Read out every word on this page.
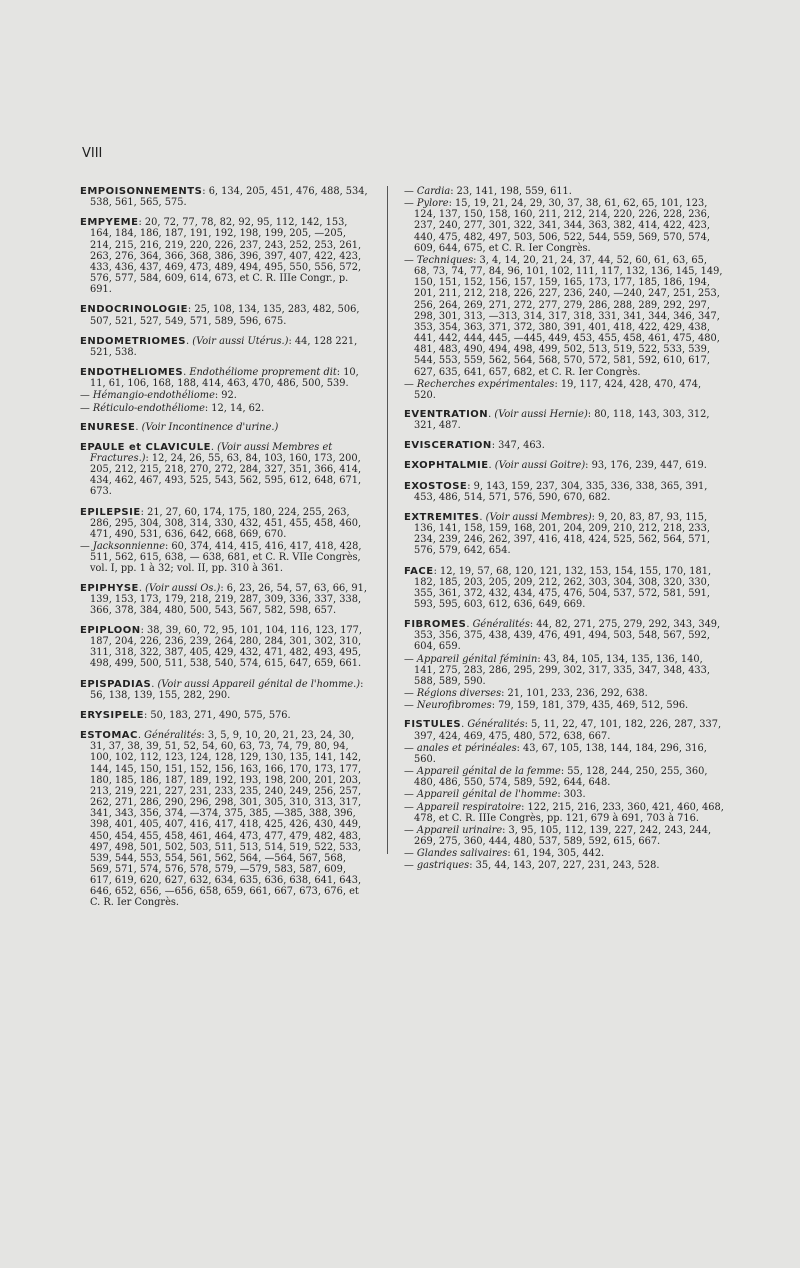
VIII

EMPOISONNEMENTS: 6, 134, 205, 451, 476, 488, 534, 538, 561, 565, 575.

EMPYEME: 20, 72, 77, 78, 82, 92, 95, 112, 142, 153, 164, 184, 186, 187, 191, 192, 198, 199, 205, —205, 214, 215, 216, 219, 220, 226, 237, 243, 252, 253, 261, 263, 276, 364, 366, 368, 386, 396, 397, 407, 422, 423, 433, 436, 437, 469, 473, 489, 494, 495, 550, 556, 572, 576, 577, 584, 609, 614, 673, et C. R. IIIe Congr., p. 691.

ENDOCRINOLOGIE: 25, 108, 134, 135, 283, 482, 506, 507, 521, 527, 549, 571, 589, 596, 675.

ENDOMETRIOMES. (Voir aussi Utérus.): 44, 128 221, 521, 538.

ENDOTHELIOMES. Endothéliome proprement dit: 10, 11, 61, 106, 168, 188, 414, 463, 470, 486, 500, 539.

— Hémangio-endothéliome: 92.

— Réticulo-endothéliome: 12, 14, 62.

ENURESE. (Voir Incontinence d'urine.)

EPAULE et CLAVICULE. (Voir aussi Membres et Fractures.): 12, 24, 26, 55, 63, 84, 103, 160, 173, 200, 205, 212, 215, 218, 270, 272, 284, 327, 351, 366, 414, 434, 462, 467, 493, 525, 543, 562, 595, 612, 648, 671, 673.

EPILEPSIE: 21, 27, 60, 174, 175, 180, 224, 255, 263, 286, 295, 304, 308, 314, 330, 432, 451, 455, 458, 460, 471, 490, 531, 636, 642, 668, 669, 670.

— Jacksonnienne: 60, 374, 414, 415, 416, 417, 418, 428, 511, 562, 615, 638, — 638, 681, et C. R. VIIe Congrès, vol. I, pp. 1 à 32; vol. II, pp. 310 à 361.

EPIPHYSE. (Voir aussi Os.): 6, 23, 26, 54, 57, 63, 66, 91, 139, 153, 173, 179, 218, 219, 287, 309, 336, 337, 338, 366, 378, 384, 480, 500, 543, 567, 582, 598, 657.

EPIPLOON: 38, 39, 60, 72, 95, 101, 104, 116, 123, 177, 187, 204, 226, 236, 239, 264, 280, 284, 301, 302, 310, 311, 318, 322, 387, 405, 429, 432, 471, 482, 493, 495, 498, 499, 500, 511, 538, 540, 574, 615, 647, 659, 661.

EPISPADIAS. (Voir aussi Appareil génital de l'homme.): 56, 138, 139, 155, 282, 290.

ERYSIPELE: 50, 183, 271, 490, 575, 576.

ESTOMAC. Généralités: 3, 5, 9, 10, 20, 21, 23, 24, 30, 31, 37, 38, 39, 51, 52, 54, 60, 63, 73, 74, 79, 80, 94, 100, 102, 112, 123, 124, 128, 129, 130, 135, 141, 142, 144, 145, 150, 151, 152, 156, 163, 166, 170, 173, 177, 180, 185, 186, 187, 189, 192, 193, 198, 200, 201, 203, 213, 219, 221, 227, 231, 233, 235, 240, 249, 256, 257, 262, 271, 286, 290, 296, 298, 301, 305, 310, 313, 317, 341, 343, 356, 374, —374, 375, 385, —385, 388, 396, 398, 401, 405, 407, 416, 417, 418, 425, 426, 430, 449, 450, 454, 455, 458, 461, 464, 473, 477, 479, 482, 483, 497, 498, 501, 502, 503, 511, 513, 514, 519, 522, 533, 539, 544, 553, 554, 561, 562, 564, —564, 567, 568, 569, 571, 574, 576, 578, 579, —579, 583, 587, 609, 617, 619, 620, 627, 632, 634, 635, 636, 638, 641, 643, 646, 652, 656, —656, 658, 659, 661, 667, 673, 676, et C. R. Ier Congrès.

— Cardia: 23, 141, 198, 559, 611.

— Pylore: 15, 19, 21, 24, 29, 30, 37, 38, 61, 62, 65, 101, 123, 124, 137, 150, 158, 160, 211, 212, 214, 220, 226, 228, 236, 237, 240, 277, 301, 322, 341, 344, 363, 382, 414, 422, 423, 440, 475, 482, 497, 503, 506, 522, 544, 559, 569, 570, 574, 609, 644, 675, et C. R. Ier Congrès.

— Techniques: 3, 4, 14, 20, 21, 24, 37, 44, 52, 60, 61, 63, 65, 68, 73, 74, 77, 84, 96, 101, 102, 111, 117, 132, 136, 145, 149, 150, 151, 152, 156, 157, 159, 165, 173, 177, 185, 186, 194, 201, 211, 212, 218, 226, 227, 236, 240, —240, 247, 251, 253, 256, 264, 269, 271, 272, 277, 279, 286, 288, 289, 292, 297, 298, 301, 313, —313, 314, 317, 318, 331, 341, 344, 346, 347, 353, 354, 363, 371, 372, 380, 391, 401, 418, 422, 429, 438, 441, 442, 444, 445, —445, 449, 453, 455, 458, 461, 475, 480, 481, 483, 490, 494, 498, 499, 502, 513, 519, 522, 533, 539, 544, 553, 559, 562, 564, 568, 570, 572, 581, 592, 610, 617, 627, 635, 641, 657, 682, et C. R. Ier Congrès.

— Recherches expérimentales: 19, 117, 424, 428, 470, 474, 520.

EVENTRATION. (Voir aussi Hernie): 80, 118, 143, 303, 312, 321, 487.

EVISCERATION: 347, 463.

EXOPHTALMIE. (Voir aussi Goitre): 93, 176, 239, 447, 619.

EXOSTOSE: 9, 143, 159, 237, 304, 335, 336, 338, 365, 391, 453, 486, 514, 571, 576, 590, 670, 682.

EXTREMITES. (Voir aussi Membres): 9, 20, 83, 87, 93, 115, 136, 141, 158, 159, 168, 201, 204, 209, 210, 212, 218, 233, 234, 239, 246, 262, 397, 416, 418, 424, 525, 562, 564, 571, 576, 579, 642, 654.

FACE: 12, 19, 57, 68, 120, 121, 132, 153, 154, 155, 170, 181, 182, 185, 203, 205, 209, 212, 262, 303, 304, 308, 320, 330, 355, 361, 372, 432, 434, 475, 476, 504, 537, 572, 581, 591, 593, 595, 603, 612, 636, 649, 669.

FIBROMES. Généralités: 44, 82, 271, 275, 279, 292, 343, 349, 353, 356, 375, 438, 439, 476, 491, 494, 503, 548, 567, 592, 604, 659.

— Appareil génital féminin: 43, 84, 105, 134, 135, 136, 140, 141, 275, 283, 286, 295, 299, 302, 317, 335, 347, 348, 433, 588, 589, 590.

— Régions diverses: 21, 101, 233, 236, 292, 638.

— Neurofibromes: 79, 159, 181, 379, 435, 469, 512, 596.

FISTULES. Généralités: 5, 11, 22, 47, 101, 182, 226, 287, 337, 397, 424, 469, 475, 480, 572, 638, 667.

— anales et périnéales: 43, 67, 105, 138, 144, 184, 296, 316, 560.

— Appareil génital de la femme: 55, 128, 244, 250, 255, 360, 480, 486, 550, 574, 589, 592, 644, 648.

— Appareil génital de l'homme: 303.

— Appareil respiratoire: 122, 215, 216, 233, 360, 421, 460, 468, 478, et C. R. IIIe Congrès, pp. 121, 679 à 691, 703 à 716.

— Appareil urinaire: 3, 95, 105, 112, 139, 227, 242, 243, 244, 269, 275, 360, 444, 480, 537, 589, 592, 615, 667.

— Glandes salivaires: 61, 194, 305, 442.

— gastriques: 35, 44, 143, 207, 227, 231, 243, 528.
